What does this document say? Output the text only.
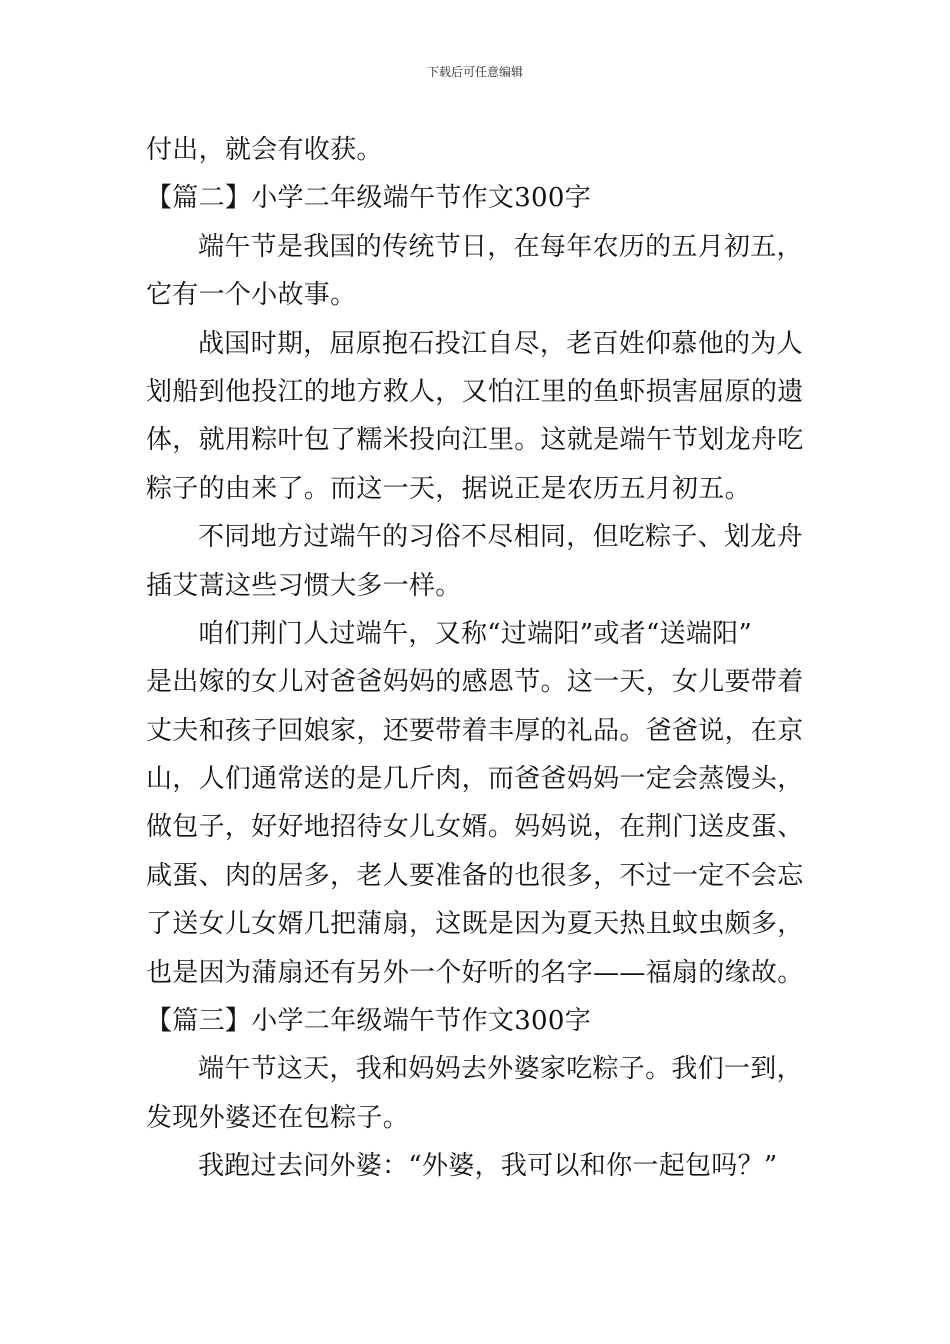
下载后可任意编辑
付出，就会有收获。
【篇二】小学二年级端午节作文300字
端午节是我国的传统节日，在每年农历的五月初五，
它有一个小故事。
战国时期，屈原抱石投江自尽，老百姓仰慕他的为人
划船到他投江的地方救人，又怕江里的鱼虾损害屈原的遗
体，就用粽叶包了糯米投向江里。这就是端午节划龙舟吃
粽子的由来了。而这一天，据说正是农历五月初五。
不同地方过端午的习俗不尽相同，但吃粽子、划龙舟
插艾蒿这些习惯大多一样。
咱们荆门人过端午，又称“过端阳”或者“送端阳”
是出嫁的女儿对爸爸妈妈的感恩节。这一天，女儿要带着
丈夫和孩子回娘家，还要带着丰厚的礼品。爸爸说，在京
山，人们通常送的是几斤肉，而爸爸妈妈一定会蒸馒头，
做包子，好好地招待女儿女婿。妈妈说，在荆门送皮蛋、
咸蛋、肉的居多，老人要准备的也很多，不过一定不会忘
了送女儿女婿几把蒲扇，这既是因为夏天热且蚊虫颇多，
也是因为蒲扇还有另外一个好听的名字——福扇的缘故。
【篇三】小学二年级端午节作文300字
端午节这天，我和妈妈去外婆家吃粽子。我们一到，
发现外婆还在包粽子。
我跑过去问外婆：“外婆，我可以和你一起包吗？”
